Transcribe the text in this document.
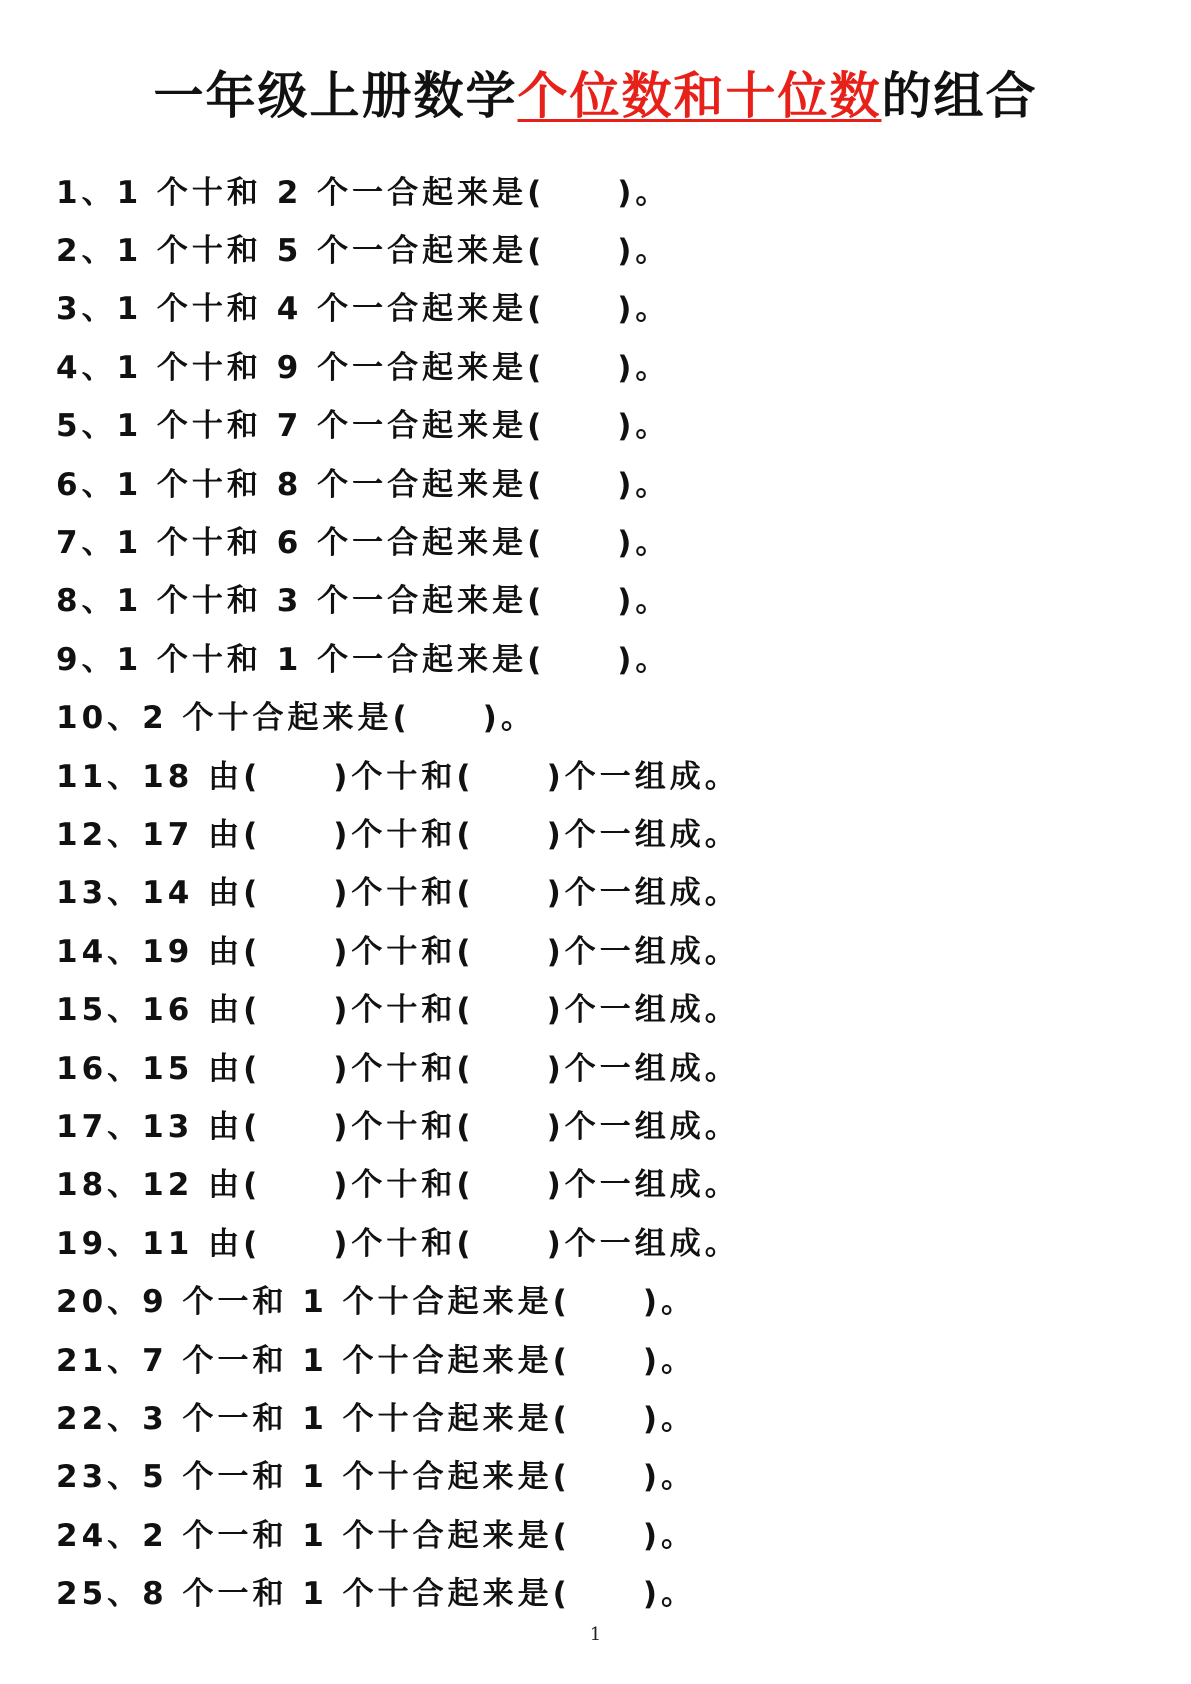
一年级上册数学个位数和十位数的组合
1、1 个十和 2 个一合起来是( )。
2、1 个十和 5 个一合起来是( )。
3、1 个十和 4 个一合起来是( )。
4、1 个十和 9 个一合起来是( )。
5、1 个十和 7 个一合起来是( )。
6、1 个十和 8 个一合起来是( )。
7、1 个十和 6 个一合起来是( )。
8、1 个十和 3 个一合起来是( )。
9、1 个十和 1 个一合起来是( )。
10、2 个十合起来是( )。
11、18 由( )个十和( )个一组成。
12、17 由( )个十和( )个一组成。
13、14 由( )个十和( )个一组成。
14、19 由( )个十和( )个一组成。
15、16 由( )个十和( )个一组成。
16、15 由( )个十和( )个一组成。
17、13 由( )个十和( )个一组成。
18、12 由( )个十和( )个一组成。
19、11 由( )个十和( )个一组成。
20、9 个一和 1 个十合起来是( )。
21、7 个一和 1 个十合起来是( )。
22、3 个一和 1 个十合起来是( )。
23、5 个一和 1 个十合起来是( )。
24、2 个一和 1 个十合起来是( )。
25、8 个一和 1 个十合起来是( )。
1
